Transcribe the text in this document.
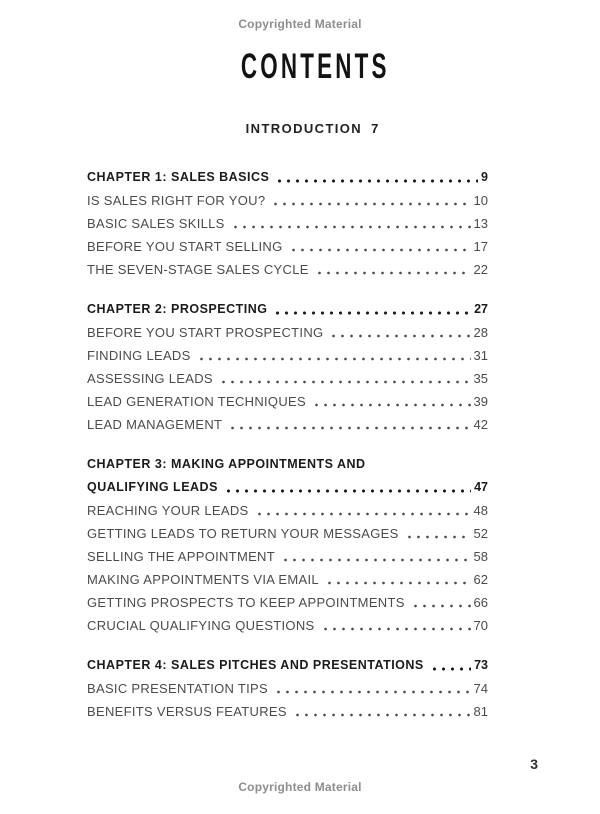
Copyrighted Material
CONTENTS
INTRODUCTION 7
CHAPTER 1: SALES BASICS	9
IS SALES RIGHT FOR YOU?	10
BASIC SALES SKILLS	13
BEFORE YOU START SELLING	17
THE SEVEN-STAGE SALES CYCLE	22
CHAPTER 2: PROSPECTING	27
BEFORE YOU START PROSPECTING	28
FINDING LEADS	31
ASSESSING LEADS	35
LEAD GENERATION TECHNIQUES	39
LEAD MANAGEMENT	42
CHAPTER 3: MAKING APPOINTMENTS AND
QUALIFYING LEADS	47
REACHING YOUR LEADS	48
GETTING LEADS TO RETURN YOUR MESSAGES	52
SELLING THE APPOINTMENT	58
MAKING APPOINTMENTS VIA EMAIL	62
GETTING PROSPECTS TO KEEP APPOINTMENTS	66
CRUCIAL QUALIFYING QUESTIONS	70
CHAPTER 4: SALES PITCHES AND PRESENTATIONS	73
BASIC PRESENTATION TIPS	74
BENEFITS VERSUS FEATURES	81
3
Copyrighted Material
